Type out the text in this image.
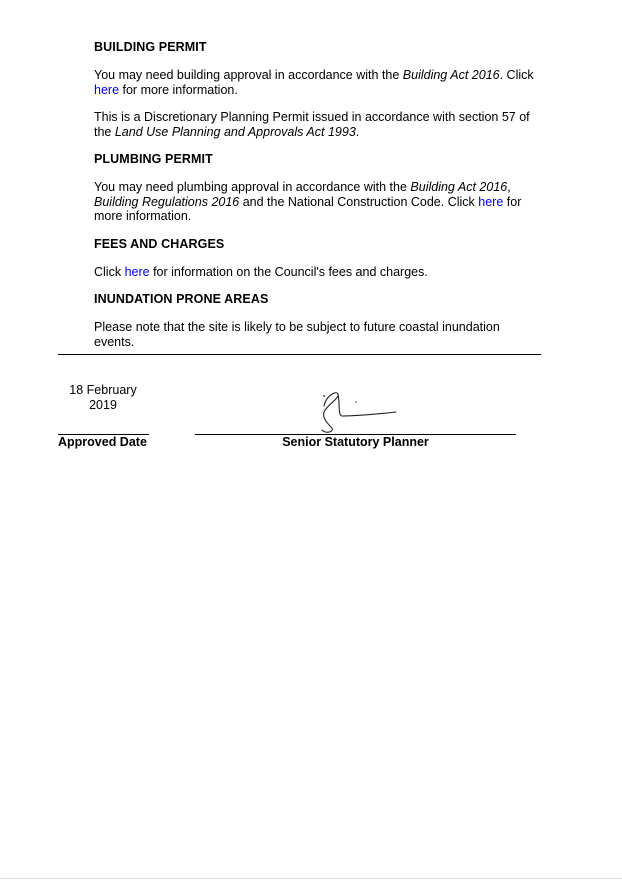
BUILDING PERMIT

You may need building approval in accordance with the Building Act 2016. Click here for more information.

This is a Discretionary Planning Permit issued in accordance with section 57 of the Land Use Planning and Approvals Act 1993.

PLUMBING PERMIT

You may need plumbing approval in accordance with the Building Act 2016, Building Regulations 2016 and the National Construction Code. Click here for more information.

FEES AND CHARGES

Click here for information on the Council's fees and charges.

INUNDATION PRONE AREAS

Please note that the site is likely to be subject to future coastal inundation events.

18 February
2019
Approved Date	Senior Statutory Planner
